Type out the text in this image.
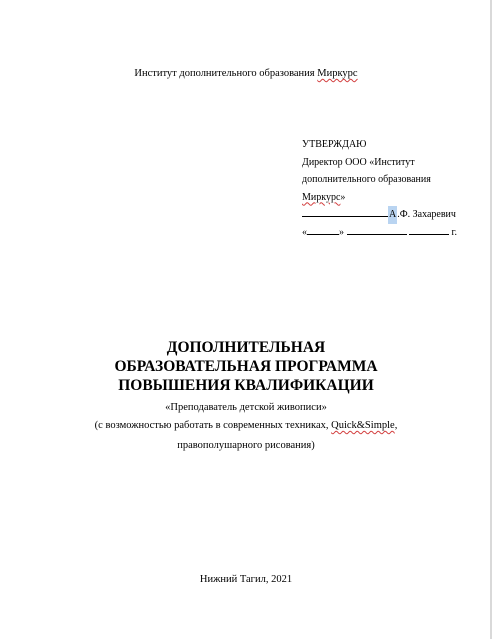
Институт дополнительного образования Миркурс
УТВЕРЖДАЮ
Директор ООО «Институт
дополнительного образования
Миркурс»
А.Ф. Захаревич
«	»	г.
ДОПОЛНИТЕЛЬНАЯ
ОБРАЗОВАТЕЛЬНАЯ ПРОГРАММА
ПОВЫШЕНИЯ КВАЛИФИКАЦИИ
«Преподаватель детской живописи»
(с возможностью работать в современных техниках, Quick&Simple,
правополушарного рисования)
Нижний Тагил, 2021
